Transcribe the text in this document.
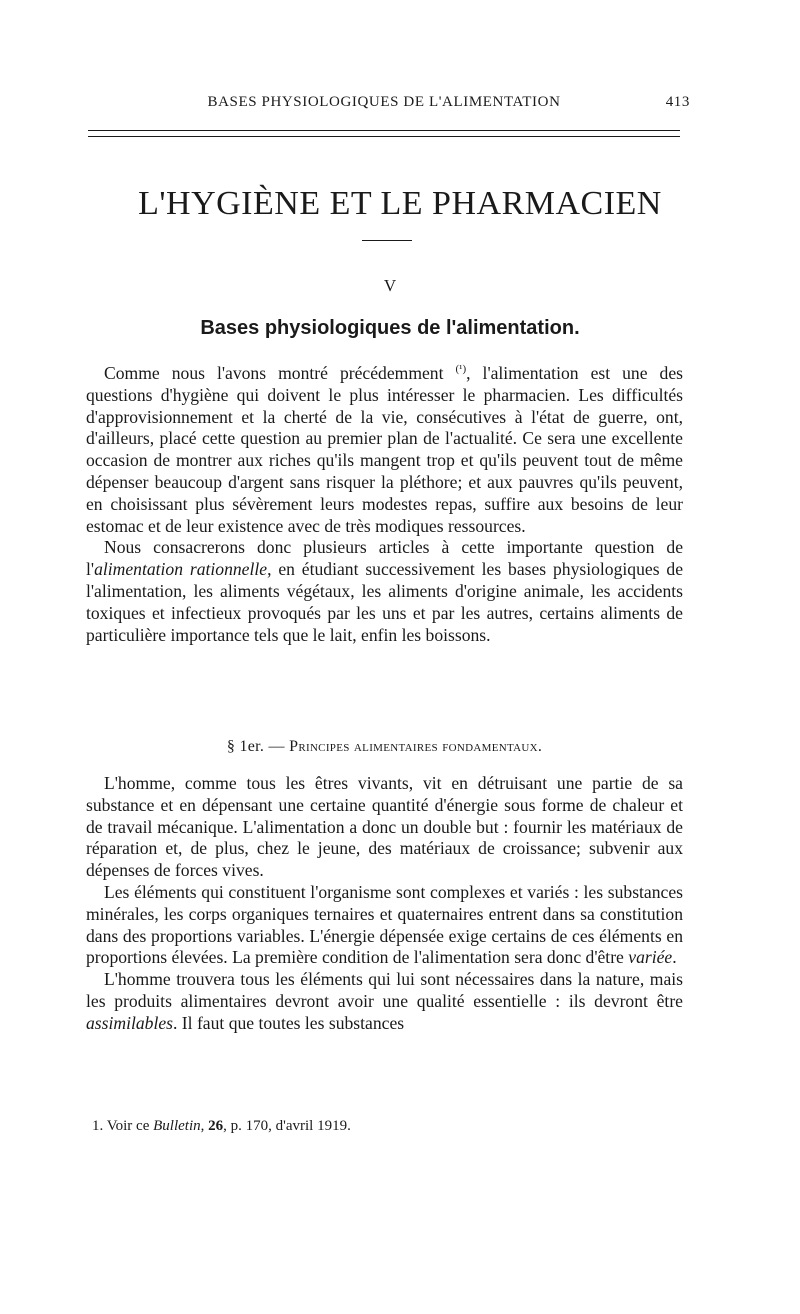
BASES PHYSIOLOGIQUES DE L'ALIMENTATION	413
L'HYGIÈNE ET LE PHARMACIEN
V
Bases physiologiques de l'alimentation.

Comme nous l'avons montré précédemment $^{(^1)}$, l'alimentation est une des questions d'hygiène qui doivent le plus intéresser le pharmacien. Les difficultés d'approvisionnement et la cherté de la vie, consécutives à l'état de guerre, ont, d'ailleurs, placé cette question au premier plan de l'actualité. Ce sera une excellente occasion de montrer aux riches qu'ils mangent trop et qu'ils peuvent tout de même dépenser beaucoup d'argent sans risquer la pléthore; et aux pauvres qu'ils peuvent, en choisissant plus sévèrement leurs modestes repas, suffire aux besoins de leur estomac et de leur existence avec de très modiques ressources.

Nous consacrerons donc plusieurs articles à cette importante question de l'alimentation rationnelle, en étudiant successivement les bases physiologiques de l'alimentation, les aliments végétaux, les aliments d'origine animale, les accidents toxiques et infectieux provoqués par les uns et par les autres, certains aliments de particulière importance tels que le lait, enfin les boissons.

§ 1er. — Principes alimentaires fondamentaux.

L'homme, comme tous les êtres vivants, vit en détruisant une partie de sa substance et en dépensant une certaine quantité d'énergie sous forme de chaleur et de travail mécanique. L'alimentation a donc un double but : fournir les matériaux de réparation et, de plus, chez le jeune, des matériaux de croissance; subvenir aux dépenses de forces vives.

Les éléments qui constituent l'organisme sont complexes et variés : les substances minérales, les corps organiques ternaires et quaternaires entrent dans sa constitution dans des proportions variables. L'énergie dépensée exige certains de ces éléments en proportions élevées. La première condition de l'alimentation sera donc d'être variée.

L'homme trouvera tous les éléments qui lui sont nécessaires dans la nature, mais les produits alimentaires devront avoir une qualité essentielle : ils devront être assimilables. Il faut que toutes les substances

1. Voir ce Bulletin, 26, p. 170, d'avril 1919.
